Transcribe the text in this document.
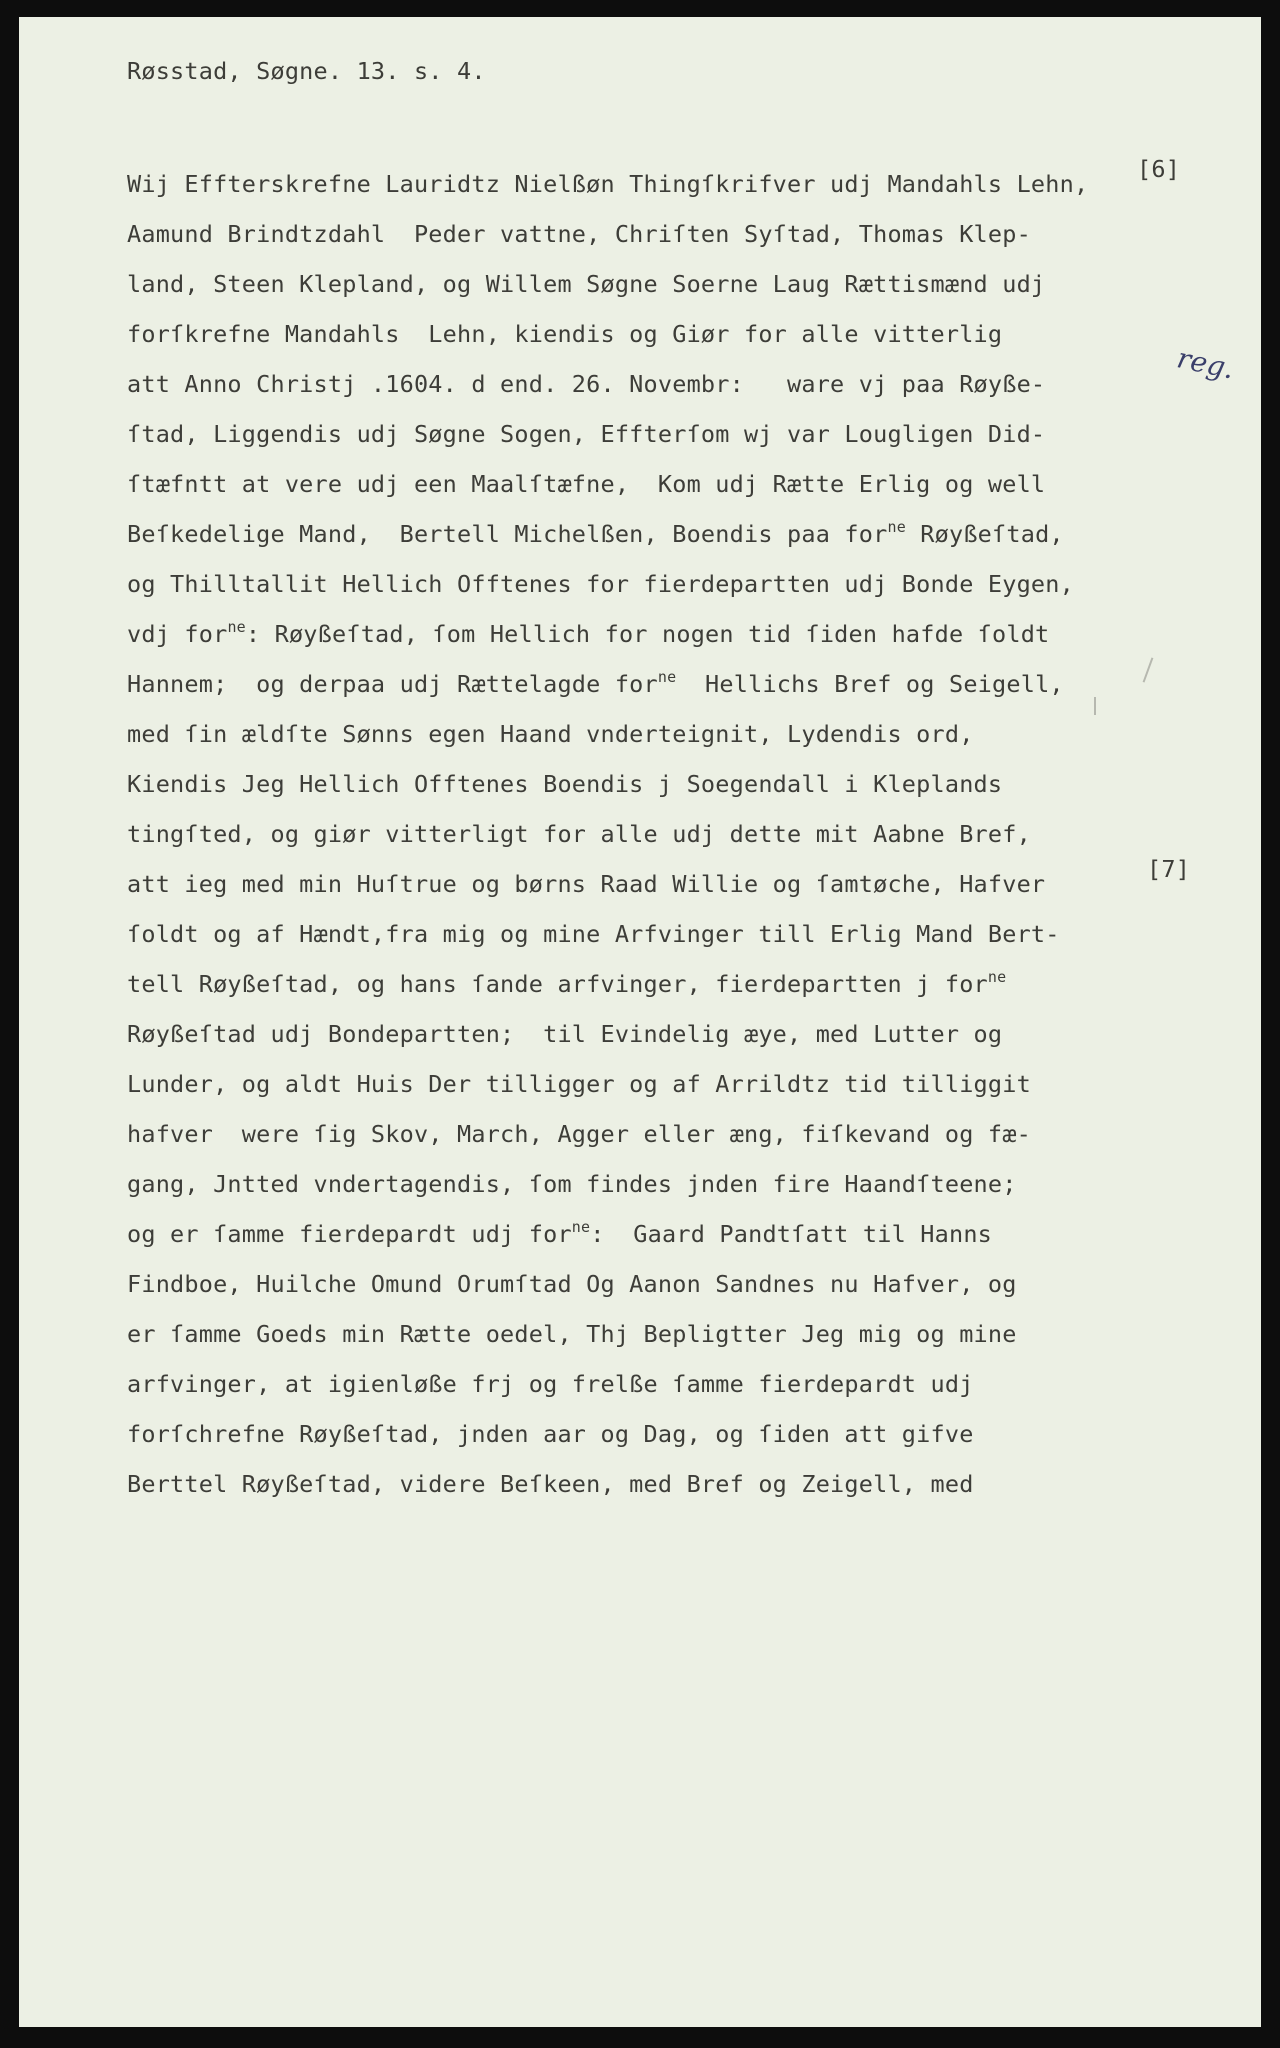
Røsstad, Søgne. 13. s. 4.

[6]

[7]

reg.
Wij Effterskrefne Lauridtz Nielßøn Thingſkrifver udj Mandahls Lehn,
Aamund Brindtzdahl  Peder vattne, Chriſten Syſtad, Thomas Klep-
land, Steen Klepland, og Willem Søgne Soerne Laug Rættismænd udj
forſkrefne Mandahls  Lehn, kiendis og Giør for alle vitterlig
att Anno Christj .1604. d end. 26. Novembr:   ware vj paa Røyße-
ſtad, Liggendis udj Søgne Sogen, Effterſom wj var Lougligen Did-
ſtæfntt at vere udj een Maalſtæfne,  Kom udj Rætte Erlig og well
Beſkedelige Mand,  Bertell Michelßen, Boendis paa for$^{ne}$ Røyßeſtad,
og Thilltallit Hellich Offtenes for fierdepartten udj Bonde Eygen,
vdj for$^{ne}$: Røyßeſtad, ſom Hellich for nogen tid ſiden hafde ſoldt
Hannem;  og derpaa udj Rættelagde for$^{ne}$  Hellichs Bref og Seigell,
med ſin ældſte Sønns egen Haand vnderteignit, Lydendis ord,
Kiendis Jeg Hellich Offtenes Boendis j Soegendall i Kleplands
tingſted, og giør vitterligt for alle udj dette mit Aabne Bref,
att ieg med min Huſtrue og børns Raad Willie og ſamtøche, Hafver
ſoldt og af Hændt,fra mig og mine Arfvinger till Erlig Mand Bert-
tell Røyßeſtad, og hans ſande arfvinger, fierdepartten j for$^{ne}$
Røyßeſtad udj Bondepartten;  til Evindelig æye, med Lutter og
Lunder, og aldt Huis Der tilligger og af Arrildtz tid tilliggit
hafver  were ſig Skov, March, Agger eller æng, fiſkevand og fæ-
gang, Jntted vndertagendis, ſom findes jnden fire Haandſteene;
og er ſamme fierdepardt udj for$^{ne}$:  Gaard Pandtſatt til Hanns
Findboe, Huilche Omund Orumſtad Og Aanon Sandnes nu Hafver, og
er ſamme Goeds min Rætte oedel, Thj Bepligtter Jeg mig og mine
arfvinger, at igienløße frj og frelße ſamme fierdepardt udj
forſchrefne Røyßeſtad, jnden aar og Dag, og ſiden att gifve
Berttel Røyßeſtad, videre Beſkeen, med Bref og Zeigell, med
